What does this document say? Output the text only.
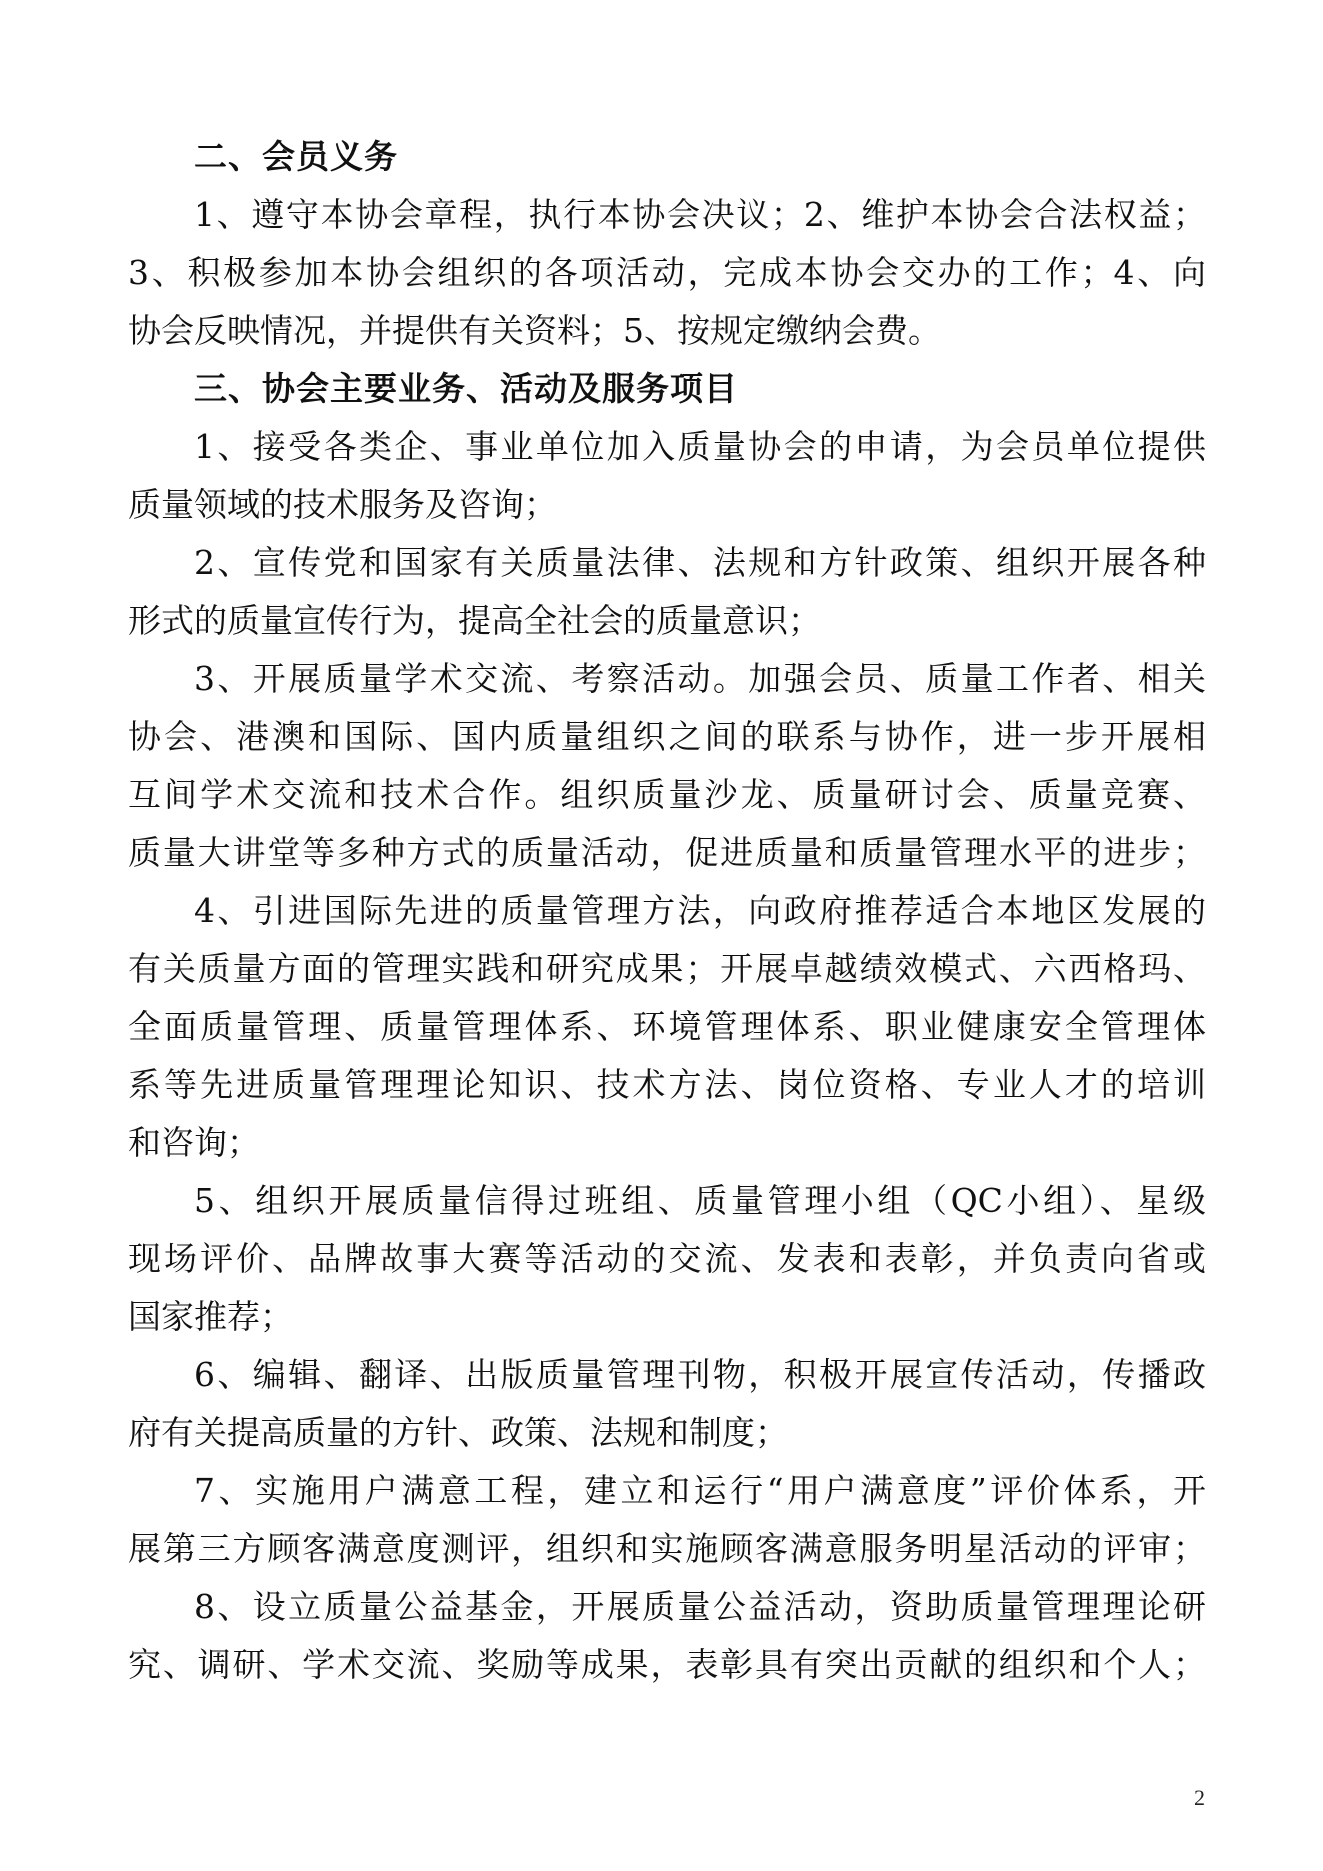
二、会员义务
1、遵守本协会章程，执行本协会决议；2、维护本协会合法权益；
3、积极参加本协会组织的各项活动，完成本协会交办的工作；4、向
协会反映情况，并提供有关资料；5、按规定缴纳会费。
三、协会主要业务、活动及服务项目
1、接受各类企、事业单位加入质量协会的申请，为会员单位提供
质量领域的技术服务及咨询；
2、宣传党和国家有关质量法律、法规和方针政策、组织开展各种
形式的质量宣传行为，提高全社会的质量意识；
3、开展质量学术交流、考察活动。加强会员、质量工作者、相关
协会、港澳和国际、国内质量组织之间的联系与协作，进一步开展相
互间学术交流和技术合作。组织质量沙龙、质量研讨会、质量竞赛、
质量大讲堂等多种方式的质量活动，促进质量和质量管理水平的进步；
4、引进国际先进的质量管理方法，向政府推荐适合本地区发展的
有关质量方面的管理实践和研究成果；开展卓越绩效模式、六西格玛、
全面质量管理、质量管理体系、环境管理体系、职业健康安全管理体
系等先进质量管理理论知识、技术方法、岗位资格、专业人才的培训
和咨询；
5、组织开展质量信得过班组、质量管理小组（QC小组）、星级
现场评价、品牌故事大赛等活动的交流、发表和表彰，并负责向省或
国家推荐；
6、编辑、翻译、出版质量管理刊物，积极开展宣传活动，传播政
府有关提高质量的方针、政策、法规和制度；
7、实施用户满意工程，建立和运行“用户满意度”评价体系，开
展第三方顾客满意度测评，组织和实施顾客满意服务明星活动的评审；
8、设立质量公益基金，开展质量公益活动，资助质量管理理论研
究、调研、学术交流、奖励等成果，表彰具有突出贡献的组织和个人；
2
